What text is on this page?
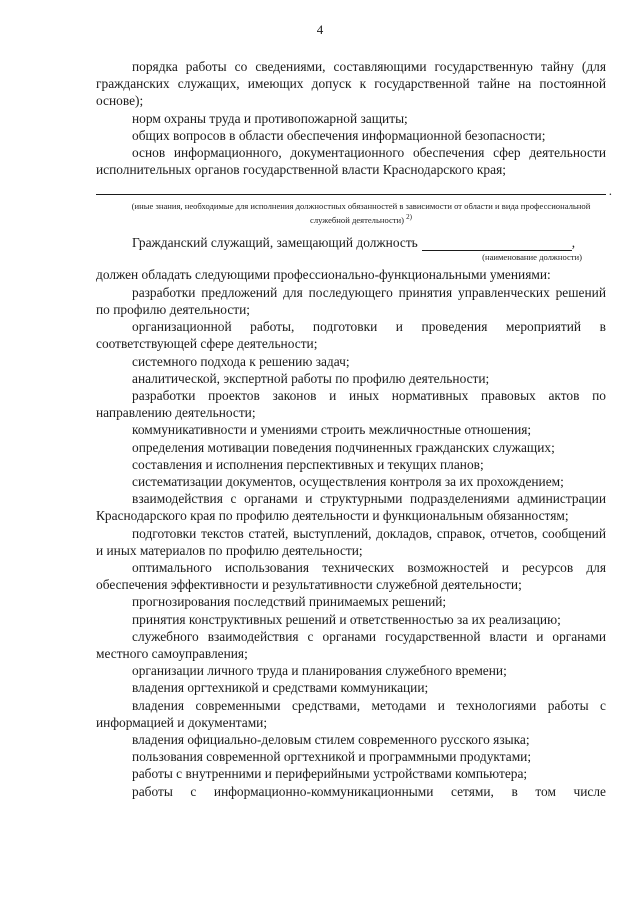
4

порядка работы со сведениями, составляющими государственную тайну (для гражданских служащих, имеющих допуск к государственной тайне на постоянной основе);

норм охраны труда и противопожарной защиты;

общих вопросов в области обеспечения информационной безопасности;

основ информационного, документационного обеспечения сфер деятельности исполнительных органов государственной власти Краснодарского края;

.
(иные знания, необходимые для исполнения должностных обязанностей в зависимости от области и вида профессиональной служебной деятельности) $^{2)}$
Гражданский служащий, замещающий должность	,
(наименование должности)

должен обладать следующими профессионально-функциональными умениями:

разработки предложений для последующего принятия управленческих решений по профилю деятельности;

организационной работы, подготовки и проведения мероприятий в соответствующей сфере деятельности;

системного подхода к решению задач;

аналитической, экспертной работы по профилю деятельности;

разработки проектов законов и иных нормативных правовых актов по направлению деятельности;

коммуникативности и умениями строить межличностные отношения;

определения мотивации поведения подчиненных гражданских служащих;

составления и исполнения перспективных и текущих планов;

систематизации документов, осуществления контроля за их прохождением;

взаимодействия с органами и структурными подразделениями администрации Краснодарского края по профилю деятельности и функциональным обязанностям;

подготовки текстов статей, выступлений, докладов, справок, отчетов, сообщений и иных материалов по профилю деятельности;

оптимального использования технических возможностей и ресурсов для обеспечения эффективности и результативности служебной деятельности;

прогнозирования последствий принимаемых решений;

принятия конструктивных решений и ответственностью за их реализацию;

служебного взаимодействия с органами государственной власти и органами местного самоуправления;

организации личного труда и планирования служебного времени;

владения оргтехникой и средствами коммуникации;

владения современными средствами, методами и технологиями работы с информацией и документами;

владения официально-деловым стилем современного русского языка;

пользования современной оргтехникой и программными продуктами;

работы с внутренними и периферийными устройствами компьютера;

работы с информационно-коммуникационными сетями, в том числе
